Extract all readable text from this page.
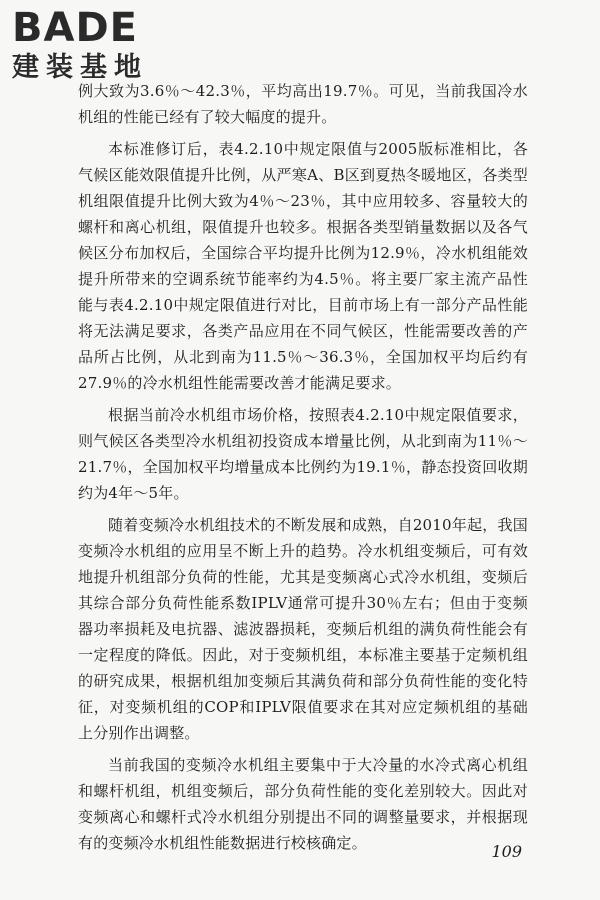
BADE
建装基地

例大致为3.6％～42.3％，平均高出19.7％。可见，当前我国冷水机组的性能已经有了较大幅度的提升。

本标准修订后，表4.2.10中规定限值与2005版标准相比，各气候区能效限值提升比例，从严寒A、B区到夏热冬暖地区，各类型机组限值提升比例大致为4％～23％，其中应用较多、容量较大的螺杆和离心机组，限值提升也较多。根据各类型销量数据以及各气候区分布加权后，全国综合平均提升比例为12.9％，冷水机组能效提升所带来的空调系统节能率约为4.5％。将主要厂家主流产品性能与表4.2.10中规定限值进行对比，目前市场上有一部分产品性能将无法满足要求，各类产品应用在不同气候区，性能需要改善的产品所占比例，从北到南为11.5％～36.3％，全国加权平均后约有27.9％的冷水机组性能需要改善才能满足要求。

根据当前冷水机组市场价格，按照表4.2.10中规定限值要求，则气候区各类型冷水机组初投资成本增量比例，从北到南为11％～21.7％，全国加权平均增量成本比例约为19.1％，静态投资回收期约为4年～5年。

随着变频冷水机组技术的不断发展和成熟，自2010年起，我国变频冷水机组的应用呈不断上升的趋势。冷水机组变频后，可有效地提升机组部分负荷的性能，尤其是变频离心式冷水机组，变频后其综合部分负荷性能系数IPLV通常可提升30％左右；但由于变频器功率损耗及电抗器、滤波器损耗，变频后机组的满负荷性能会有一定程度的降低。因此，对于变频机组，本标准主要基于定频机组的研究成果，根据机组加变频后其满负荷和部分负荷性能的变化特征，对变频机组的COP和IPLV限值要求在其对应定频机组的基础上分别作出调整。

当前我国的变频冷水机组主要集中于大冷量的水冷式离心机组和螺杆机组，机组变频后，部分负荷性能的变化差别较大。因此对变频离心和螺杆式冷水机组分别提出不同的调整量要求，并根据现有的变频冷水机组性能数据进行校核确定。	109
